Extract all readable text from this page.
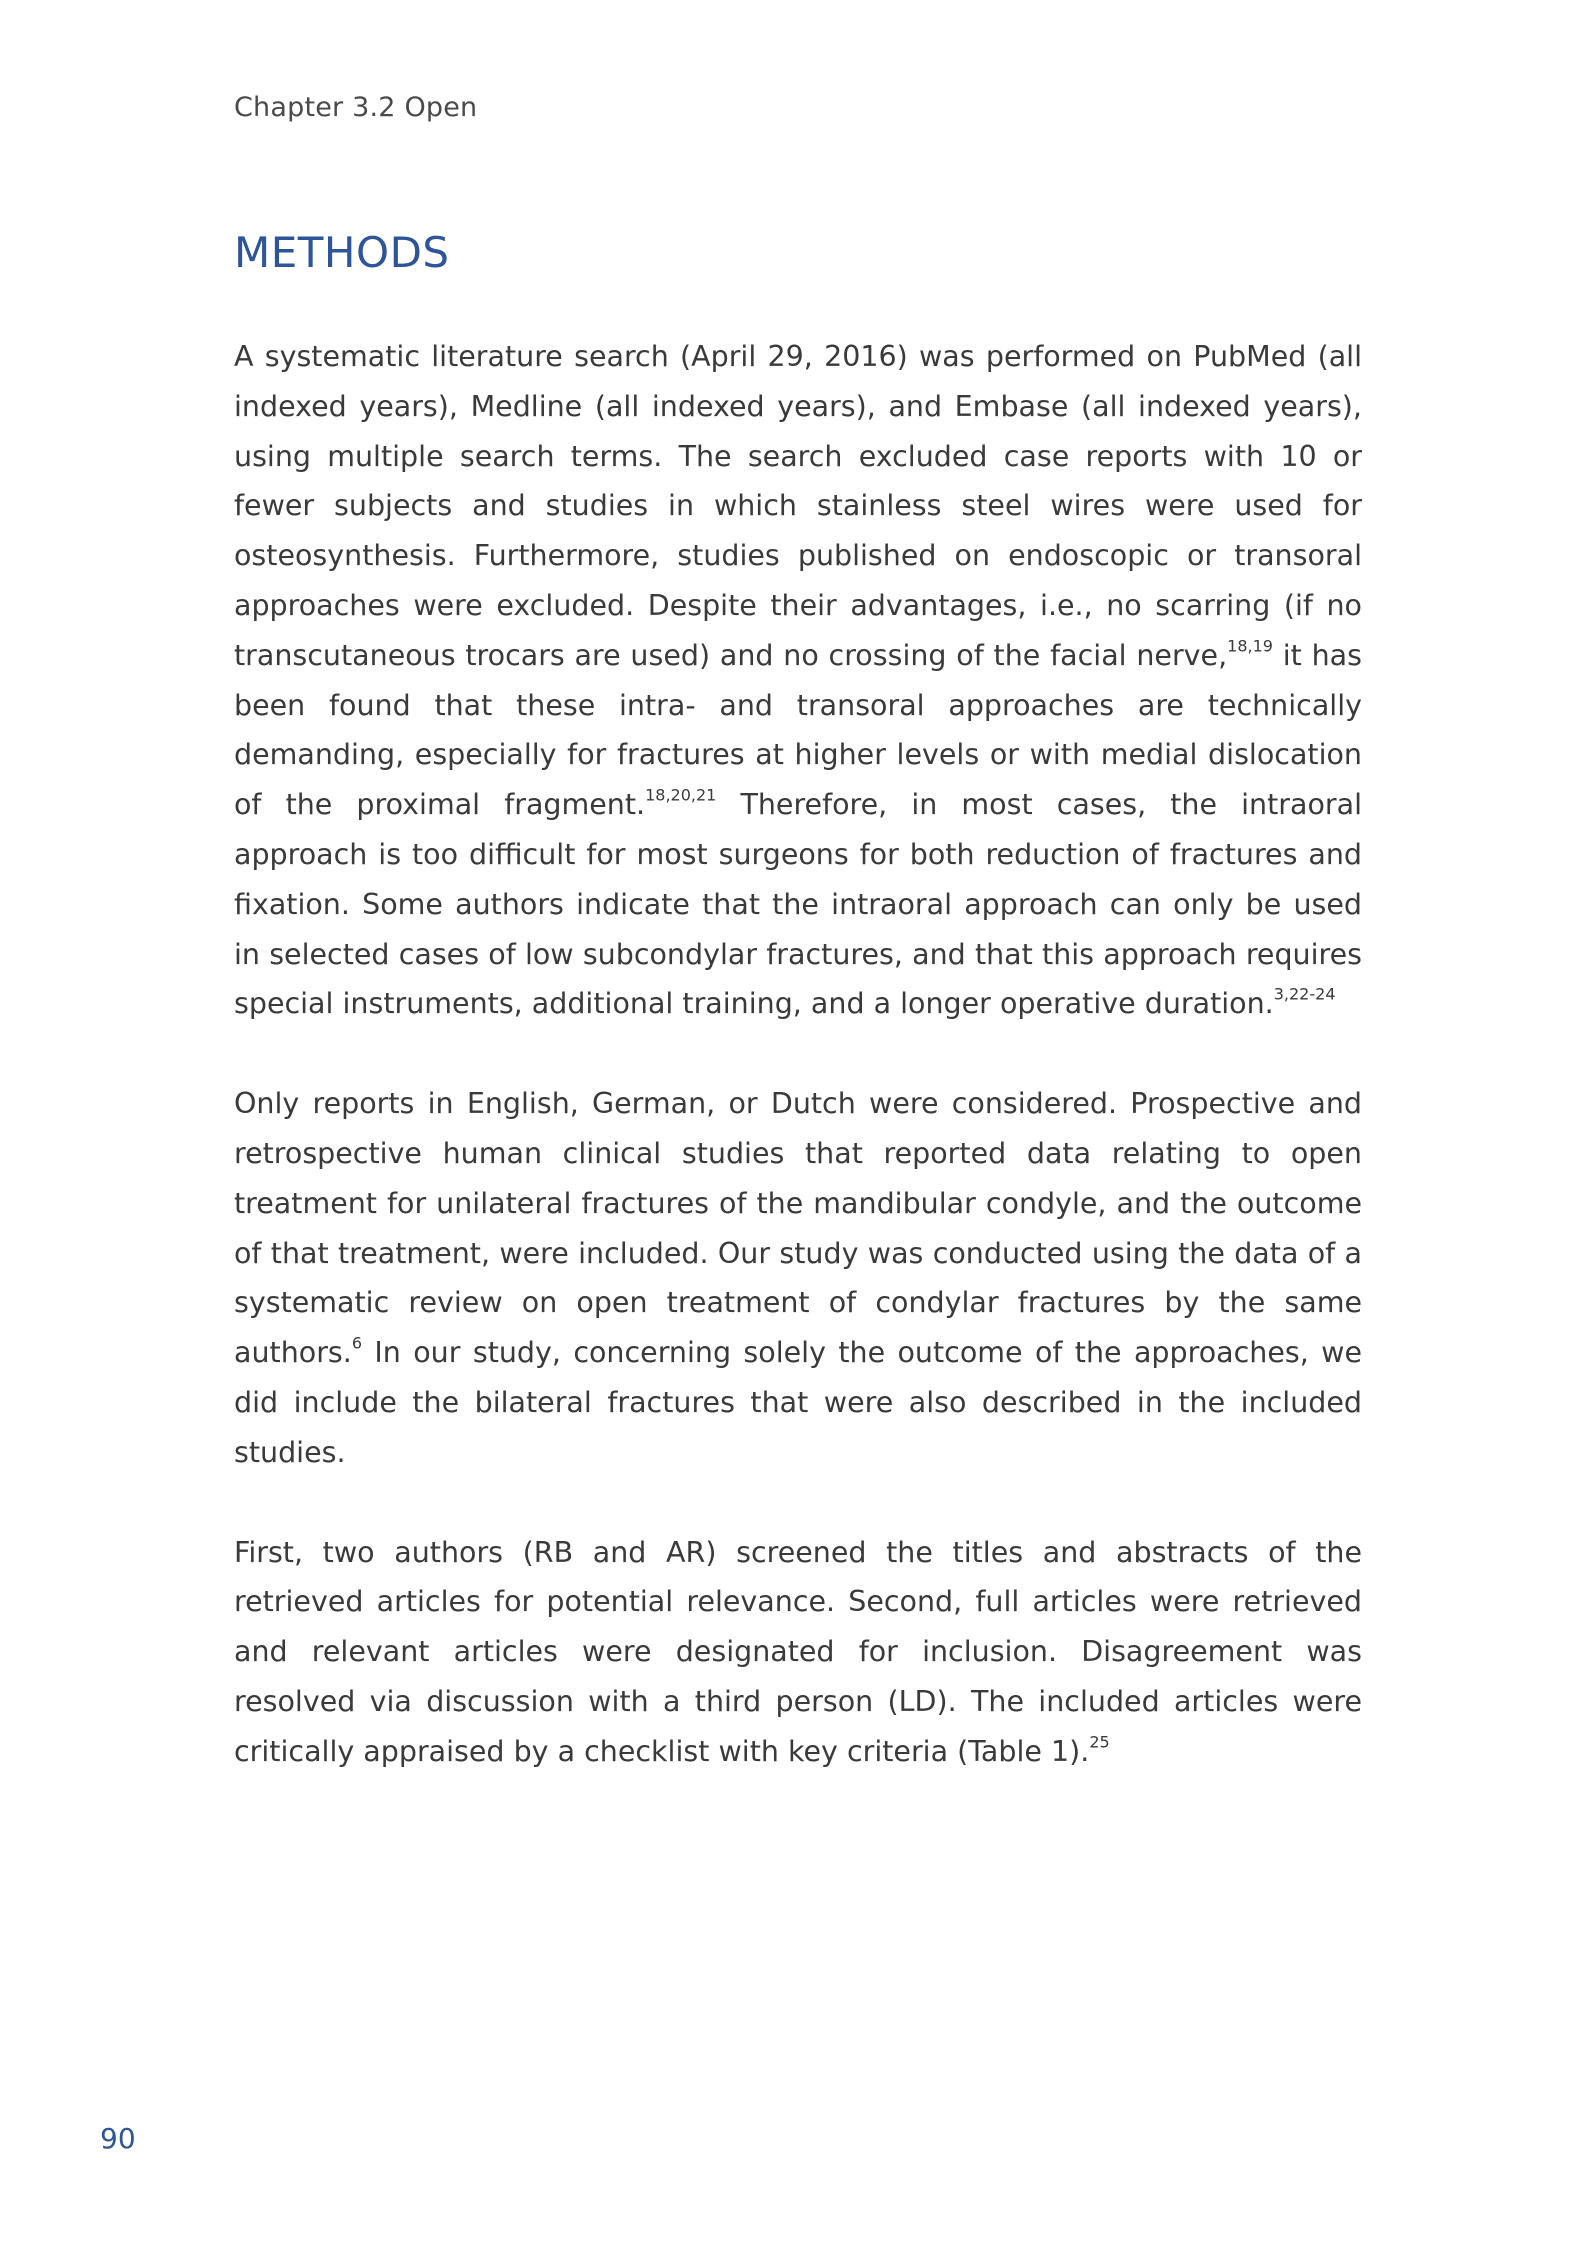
Chapter 3.2 Open
METHODS

A systematic literature search (April 29, 2016) was performed on PubMed (all indexed years), Medline (all indexed years), and Embase (all indexed years), using multiple search terms. The search excluded case reports with 10 or fewer subjects and studies in which stainless steel wires were used for osteosynthesis. Furthermore, studies published on endoscopic or transoral approaches were excluded. Despite their advantages, i.e., no scarring (if no transcutaneous trocars are used) and no crossing of the facial nerve,$^{18,19}$ it has been found that these intra- and transoral approaches are technically demanding, especially for fractures at higher levels or with medial dislocation of the proximal fragment.$^{18,20,21}$ Therefore, in most cases, the intraoral approach is too difficult for most surgeons for both reduction of fractures and fixation. Some authors indicate that the intraoral approach can only be used in selected cases of low subcondylar fractures, and that this approach requires special instruments, additional training, and a longer operative duration.$^{3,22-24}$

Only reports in English, German, or Dutch were considered. Prospective and retrospective human clinical studies that reported data relating to open treatment for unilateral fractures of the mandibular condyle, and the outcome of that treatment, were included. Our study was conducted using the data of a systematic review on open treatment of condylar fractures by the same authors.$^6$ In our study, concerning solely the outcome of the approaches, we did include the bilateral fractures that were also described in the included studies.

First, two authors (RB and AR) screened the titles and abstracts of the retrieved articles for potential relevance. Second, full articles were retrieved and relevant articles were designated for inclusion. Disagreement was resolved via discussion with a third person (LD). The included articles were critically appraised by a checklist with key criteria (Table 1).$^{25}$

90
